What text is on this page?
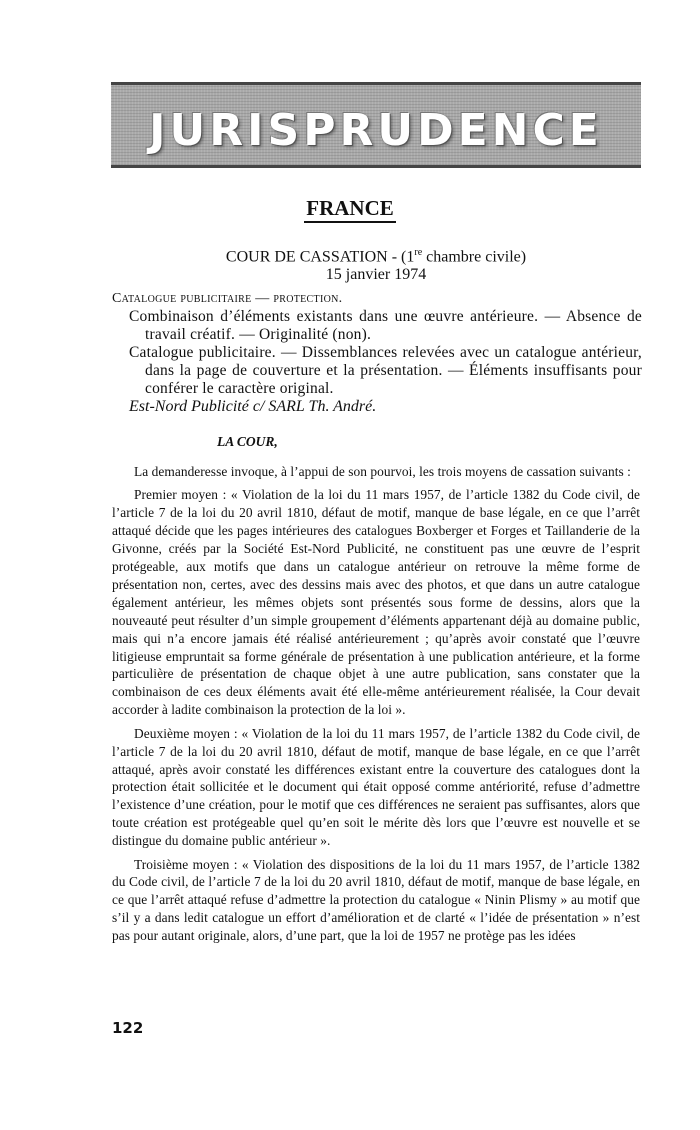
JURISPRUDENCE
FRANCE
COUR DE CASSATION - (1re chambre civile)
15 janvier 1974
Catalogue publicitaire — protection.
Combinaison d’éléments existants dans une œuvre antérieure. — Absence de travail créatif. — Originalité (non).
Catalogue publicitaire. — Dissemblances relevées avec un catalogue antérieur, dans la page de couverture et la présentation. — Éléments insuffisants pour conférer le caractère original.
Est-Nord Publicité c/ SARL Th. André.
LA COUR,

La demanderesse invoque, à l’appui de son pourvoi, les trois moyens de cassation suivants :

Premier moyen : « Violation de la loi du 11 mars 1957, de l’article 1382 du Code civil, de l’article 7 de la loi du 20 avril 1810, défaut de motif, manque de base légale, en ce que l’arrêt attaqué décide que les pages intérieures des catalogues Boxberger et Forges et Taillanderie de la Givonne, créés par la Société Est-Nord Publicité, ne constituent pas une œuvre de l’esprit protégeable, aux motifs que dans un catalogue antérieur on retrouve la même forme de présentation non, certes, avec des dessins mais avec des photos, et que dans un autre catalogue également antérieur, les mêmes objets sont présentés sous forme de dessins, alors que la nouveauté peut résulter d’un simple groupement d’éléments appartenant déjà au domaine public, mais qui n’a encore jamais été réalisé antérieurement ; qu’après avoir constaté que l’œuvre litigieuse empruntait sa forme générale de présentation à une publication antérieure, et la forme particulière de présentation de chaque objet à une autre publication, sans constater que la combinaison de ces deux éléments avait été elle-même antérieurement réalisée, la Cour devait accorder à ladite combinaison la protection de la loi ».

Deuxième moyen : « Violation de la loi du 11 mars 1957, de l’article 1382 du Code civil, de l’article 7 de la loi du 20 avril 1810, défaut de motif, manque de base légale, en ce que l’arrêt attaqué, après avoir constaté les différences existant entre la couverture des catalogues dont la protection était sollicitée et le document qui était opposé comme antériorité, refuse d’admettre l’existence d’une création, pour le motif que ces différences ne seraient pas suffisantes, alors que toute création est protégeable quel qu’en soit le mérite dès lors que l’œuvre est nouvelle et se distingue du domaine public antérieur ».

Troisième moyen : « Violation des dispositions de la loi du 11 mars 1957, de l’article 1382 du Code civil, de l’article 7 de la loi du 20 avril 1810, défaut de motif, manque de base légale, en ce que l’arrêt attaqué refuse d’admettre la protection du catalogue « Ninin Plismy » au motif que s’il y a dans ledit catalogue un effort d’amélioration et de clarté « l’idée de présentation » n’est pas pour autant originale, alors, d’une part, que la loi de 1957 ne protège pas les idées

122
